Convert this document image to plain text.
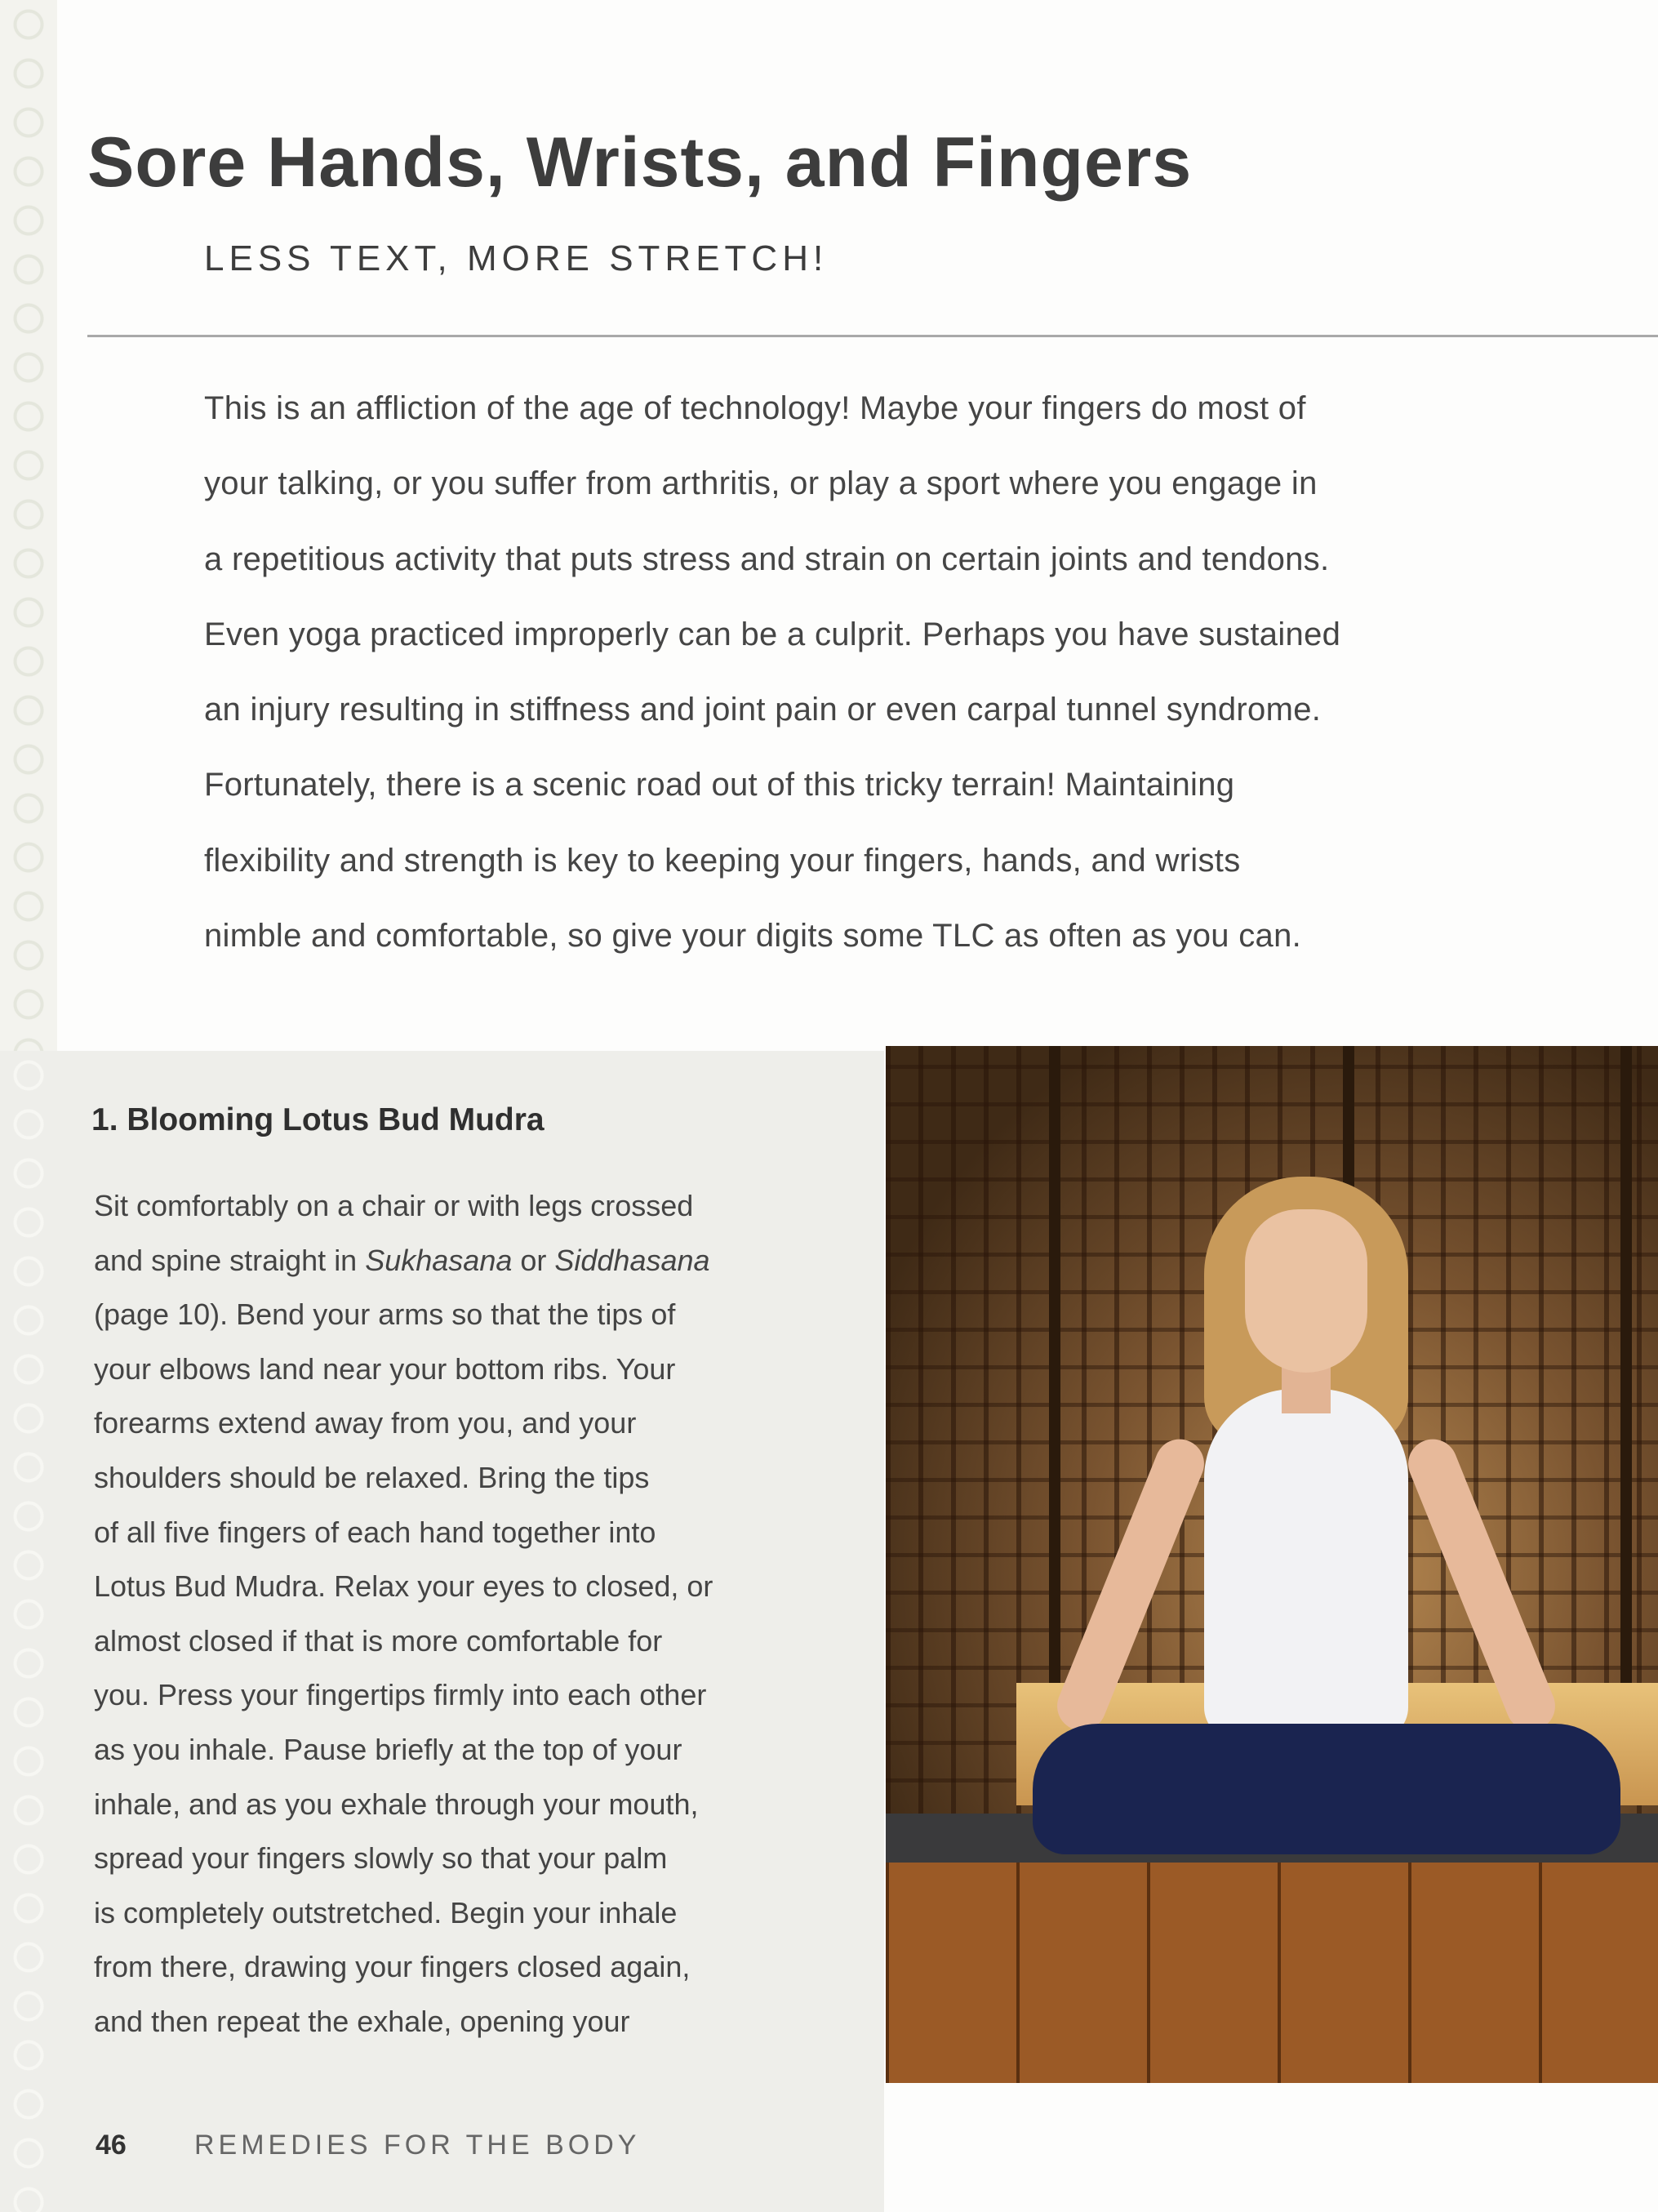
Sore Hands, Wrists, and Fingers
LESS TEXT, MORE STRETCH!
This is an affliction of the age of technology! Maybe your fingers do most of
your talking, or you suffer from arthritis, or play a sport where you engage in
a repetitious activity that puts stress and strain on certain joints and tendons.
Even yoga practiced improperly can be a culprit. Perhaps you have sustained
an injury resulting in stiffness and joint pain or even carpal tunnel syndrome.
Fortunately, there is a scenic road out of this tricky terrain! Maintaining
flexibility and strength is key to keeping your fingers, hands, and wrists
nimble and comfortable, so give your digits some TLC as often as you can.
1. Blooming Lotus Bud Mudra
Sit comfortably on a chair or with legs crossed
and spine straight in Sukhasana or Siddhasana
(page 10). Bend your arms so that the tips of
your elbows land near your bottom ribs. Your
forearms extend away from you, and your
shoulders should be relaxed. Bring the tips
of all five fingers of each hand together into
Lotus Bud Mudra. Relax your eyes to closed, or
almost closed if that is more comfortable for
you. Press your fingertips firmly into each other
as you inhale. Pause briefly at the top of your
inhale, and as you exhale through your mouth,
spread your fingers slowly so that your palm
is completely outstretched. Begin your inhale
from there, drawing your fingers closed again,
and then repeat the exhale, opening your
46 REMEDIES FOR THE BODY
